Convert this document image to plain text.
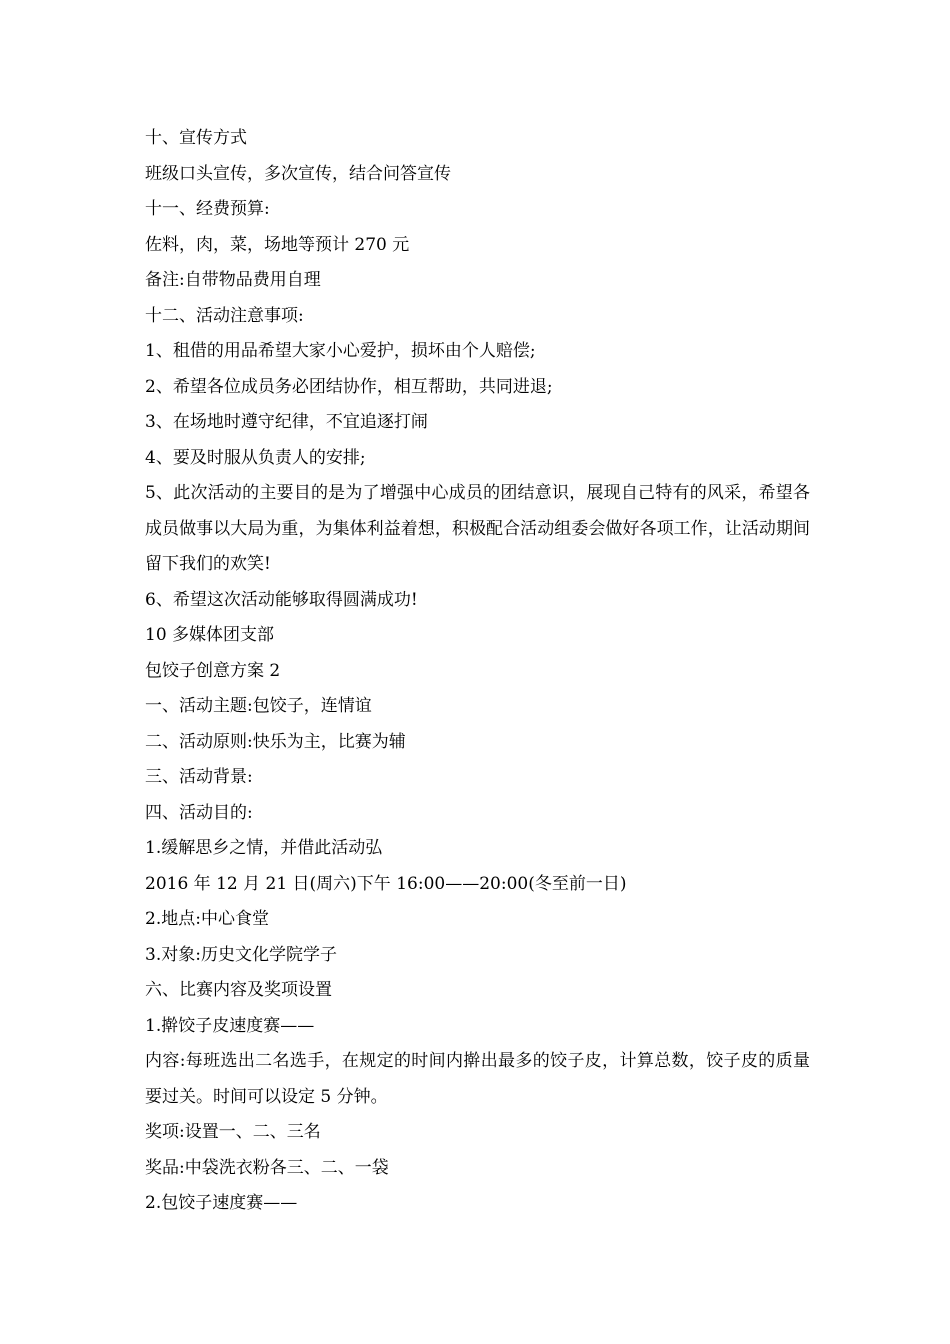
十、宣传方式
班级口头宣传，多次宣传，结合问答宣传
十一、经费预算:
佐料，肉，菜，场地等预计 270 元
备注:自带物品费用自理
十二、活动注意事项:
1、租借的用品希望大家小心爱护，损坏由个人赔偿;
2、希望各位成员务必团结协作，相互帮助，共同进退;
3、在场地时遵守纪律，不宜追逐打闹
4、要及时服从负责人的安排;
5、此次活动的主要目的是为了增强中心成员的团结意识，展现自己特有的风采，希望各成员做事以大局为重，为集体利益着想，积极配合活动组委会做好各项工作，让活动期间留下我们的欢笑!
6、希望这次活动能够取得圆满成功!
10 多媒体团支部
包饺子创意方案 2
一、活动主题:包饺子，连情谊
二、活动原则:快乐为主，比赛为辅
三、活动背景:
四、活动目的:
1.缓解思乡之情，并借此活动弘
2016 年 12 月 21 日(周六)下午 16:00——20:00(冬至前一日)
2.地点:中心食堂
3.对象:历史文化学院学子
六、比赛内容及奖项设置
1.擀饺子皮速度赛——
内容:每班选出二名选手，在规定的时间内擀出最多的饺子皮，计算总数，饺子皮的质量要过关。时间可以设定 5 分钟。
奖项:设置一、二、三名
奖品:中袋洗衣粉各三、二、一袋
2.包饺子速度赛——
